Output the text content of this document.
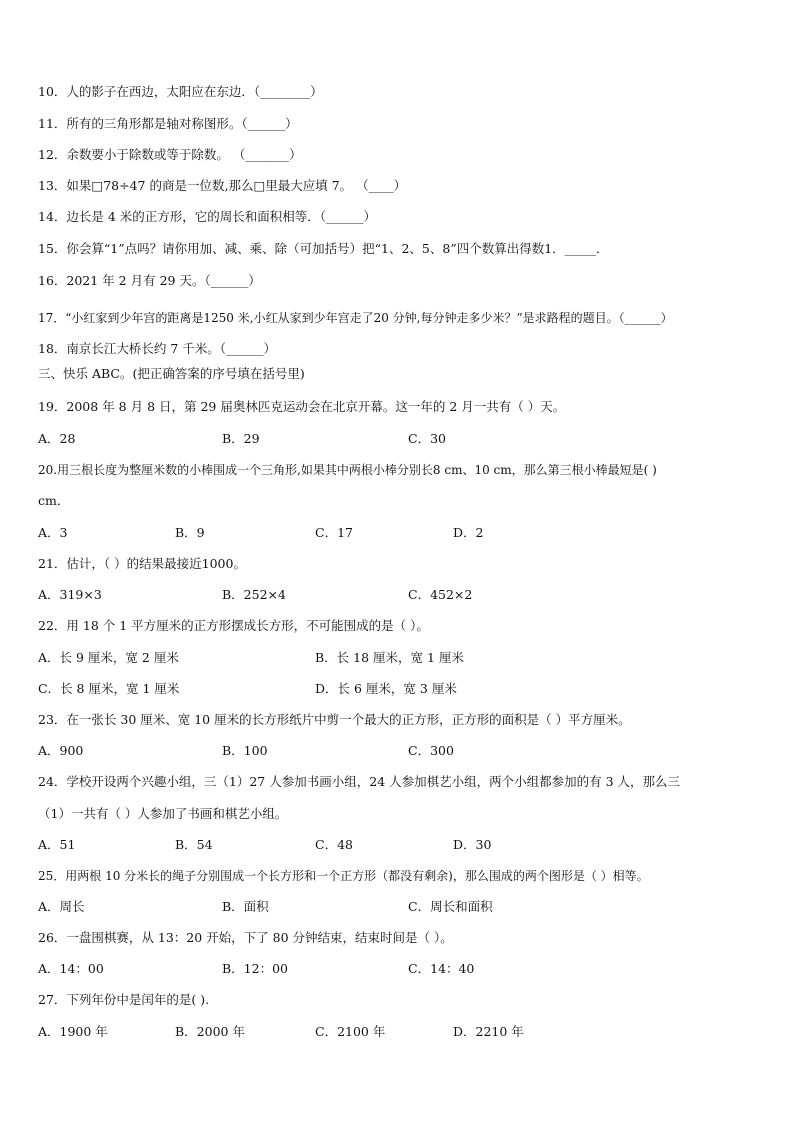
10．人的影子在西边，太阳应在东边．（________）
11．所有的三角形都是轴对称图形。（______）
12．余数要小于除数或等于除数。 （_______）
13．如果□78÷47 的商是一位数,那么□里最大应填 7。 （____）
14．边长是 4 米的正方形，它的周长和面积相等．（______）
15．你会算“1”点吗？请你用加、减、乘、除（可加括号）把“1、2、5、8”四个数算出得数1．_____．
16．2021 年 2 月有 29 天。（______）
17．“小红家到少年宫的距离是1250 米,小红从家到少年宫走了20 分钟,每分钟走多少米？”是求路程的题目。（______）
18．南京长江大桥长约 7 千米。（______）
三、快乐 ABC。(把正确答案的序号填在括号里)
19．2008 年 8 月 8 日，第 29 届奥林匹克运动会在北京开幕。这一年的 2 月一共有（ ）天。
A．28	B．29	C．30
20.用三根长度为整厘米数的小棒围成一个三角形,如果其中两根小棒分别长8 cm、10 cm，那么第三根小棒最短是( )
cm．
A．3	B．9	C．17	D．2
21．估计，（ ）的结果最接近1000。
A．319×3	B．252×4	C．452×2
22．用 18 个 1 平方厘米的正方形摆成长方形，不可能围成的是（ ）。
A．长 9 厘米，宽 2 厘米	B．长 18 厘米，宽 1 厘米
C．长 8 厘米，宽 1 厘米	D．长 6 厘米，宽 3 厘米
23．在一张长 30 厘米、宽 10 厘米的长方形纸片中剪一个最大的正方形，正方形的面积是（ ）平方厘米。
A．900	B．100	C．300
24．学校开设两个兴趣小组，三（1）27 人参加书画小组，24 人参加棋艺小组，两个小组都参加的有 3 人，那么三
（1）一共有（ ）人参加了书画和棋艺小组。
A．51	B．54	C．48	D．30
25．用两根 10 分米长的绳子分别围成一个长方形和一个正方形（都没有剩余)，那么围成的两个图形是（ ）相等。
A．周长	B．面积	C．周长和面积
26．一盘围棋赛，从 13：20 开始，下了 80 分钟结束，结束时间是（ ）。
A．14：00	B．12：00	C．14：40
27．下列年份中是闰年的是( ).
A．1900 年	B．2000 年	C．2100 年	D．2210 年
